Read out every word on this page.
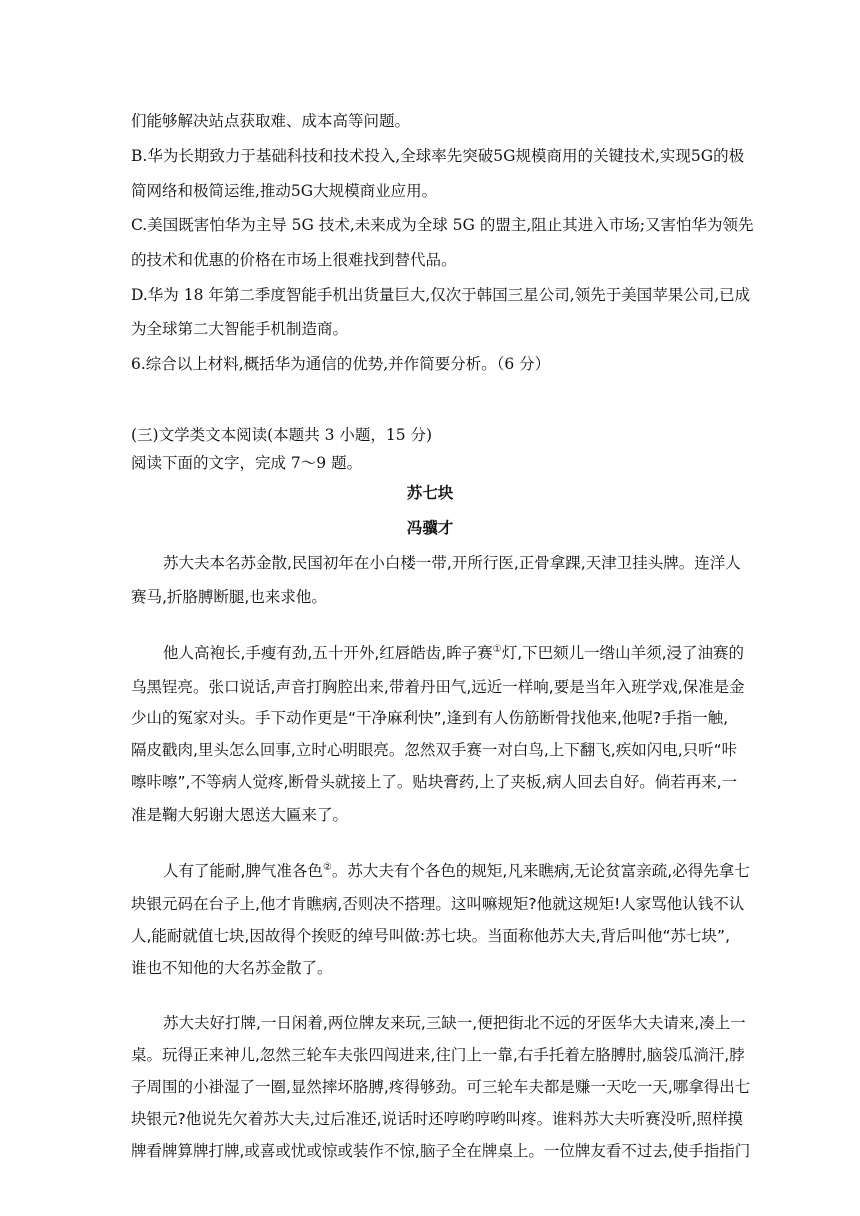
们能够解决站点获取难、成本高等问题。
B.华为长期致力于基础科技和技术投入,全球率先突破5G规模商用的关键技术,实现5G的极
简网络和极简运维,推动5G大规模商业应用。
C.美国既害怕华为主导 5G 技术,未来成为全球 5G 的盟主,阻止其进入市场;又害怕华为领先
的技术和优惠的价格在市场上很难找到替代品。
D.华为 18 年第二季度智能手机出货量巨大,仅次于韩国三星公司,领先于美国苹果公司,已成
为全球第二大智能手机制造商。
6.综合以上材料,概括华为通信的优势,并作简要分析。（6 分）
(三)文学类文本阅读(本题共 3 小题，15 分)
阅读下面的文字，完成 7～9 题。
苏七块
冯骥才
苏大夫本名苏金散,民国初年在小白楼一带,开所行医,正骨拿踝,天津卫挂头牌。连洋人
赛马,折胳膊断腿,也来求他。
他人高袍长,手瘦有劲,五十开外,红唇皓齿,眸子赛①灯,下巴颏儿一绺山羊须,浸了油赛的
乌黑锃亮。张口说话,声音打胸腔出来,带着丹田气,远近一样响,要是当年入班学戏,保准是金
少山的冤家对头。手下动作更是“干净麻利快”,逢到有人伤筋断骨找他来,他呢?手指一触,
隔皮戳肉,里头怎么回事,立时心明眼亮。忽然双手赛一对白鸟,上下翻飞,疾如闪电,只听“咔
嚓咔嚓”,不等病人觉疼,断骨头就接上了。贴块膏药,上了夹板,病人回去自好。倘若再来,一
准是鞠大躬谢大恩送大匾来了。
人有了能耐,脾气准各色②。苏大夫有个各色的规矩,凡来瞧病,无论贫富亲疏,必得先拿七
块银元码在台子上,他才肯瞧病,否则决不搭理。这叫嘛规矩?他就这规矩!人家骂他认钱不认
人,能耐就值七块,因故得个挨贬的绰号叫做:苏七块。当面称他苏大夫,背后叫他“苏七块”,
谁也不知他的大名苏金散了。
苏大夫好打牌,一日闲着,两位牌友来玩,三缺一,便把街北不远的牙医华大夫请来,凑上一
桌。玩得正来神儿,忽然三轮车夫张四闯进来,往门上一靠,右手托着左胳膊肘,脑袋瓜淌汗,脖
子周围的小褂湿了一圈,显然摔坏胳膊,疼得够劲。可三轮车夫都是赚一天吃一天,哪拿得出七
块银元?他说先欠着苏大夫,过后准还,说话时还哼哟哼哟叫疼。谁料苏大夫听赛没听,照样摸
牌看牌算牌打牌,或喜或忧或惊或装作不惊,脑子全在牌桌上。一位牌友看不过去,使手指指门
